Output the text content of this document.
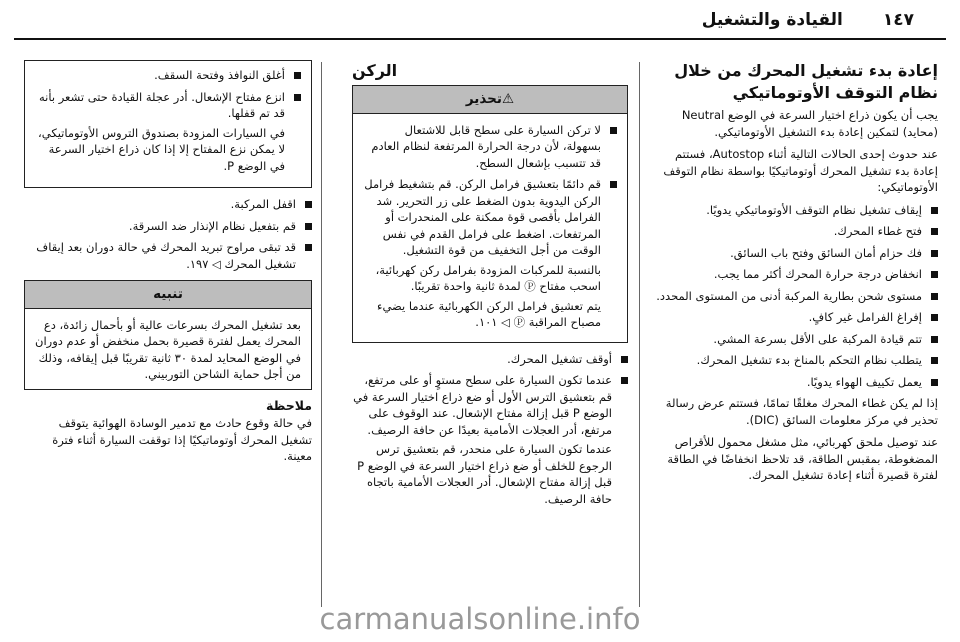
١٤٧القيادة والتشغيل
إعادة بدء تشغيل المحرك من خلال نظام التوقف الأوتوماتيكي
يجب أن يكون ذراع اختيار السرعة في الوضع Neutral (محايد) لتمكين إعادة بدء التشغيل الأوتوماتيكي.
عند حدوث إحدى الحالات التالية أثناء Autostop، فستتم إعادة بدء تشغيل المحرك أوتوماتيكيًا بواسطة نظام التوقف الأوتوماتيكي:
إيقاف تشغيل نظام التوقف الأوتوماتيكي يدويًا.
فتح غطاء المحرك.
فك حزام أمان السائق وفتح باب السائق.
انخفاض درجة حرارة المحرك أكثر مما يجب.
مستوى شحن بطارية المركبة أدنى من المستوى المحدد.
إفراغ الفرامل غير كافٍ.
تتم قيادة المركبة على الأقل بسرعة المشي.
يتطلب نظام التحكم بالمناخ بدء تشغيل المحرك.
يعمل تكييف الهواء يدويًا.
إذا لم يكن غطاء المحرك مغلقًا تمامًا، فستتم عرض رسالة تحذير في مركز معلومات السائق (DIC).
عند توصيل ملحق كهربائي، مثل مشغل محمول للأقراص المضغوطة، بمقبس الطاقة، قد تلاحظ انخفاضًا في الطاقة لفترة قصيرة أثناء إعادة تشغيل المحرك.
الركن
⚠تحذير
لا تركن السيارة على سطح قابل للاشتعال بسهولة، لأن درجة الحرارة المرتفعة لنظام العادم قد تتسبب بإشعال السطح.
قم دائمًا بتعشيق فرامل الركن. قم بتشغيط فرامل الركن اليدوية بدون الضغط على زر التحرير. شد الفرامل بأقصى قوة ممكنة على المنحدرات أو المرتفعات. اضغط على فرامل القدم في نفس الوقت من أجل التخفيف من قوة التشغيل.

بالنسبة للمركبات المزودة بفرامل ركن كهربائية، اسحب مفتاح Ⓟ لمدة ثانية واحدة تقريبًا.

يتم تعشيق فرامل الركن الكهربائية عندما يضيء مصباح المراقبة Ⓟ ◁ ١٠١.

أوقف تشغيل المحرك.
عندما تكون السيارة على سطح مستوٍ أو على مرتفع، قم بتعشيق الترس الأول أو ضع ذراع اختيار السرعة في الوضع P قبل إزالة مفتاح الإشعال. عند الوقوف على مرتفع، أدر العجلات الأمامية بعيدًا عن حافة الرصيف.

عندما تكون السيارة على منحدر، قم بتعشيق ترس الرجوع للخلف أو ضع ذراع اختيار السرعة في الوضع P قبل إزالة مفتاح الإشعال. أدر العجلات الأمامية باتجاه حافة الرصيف.

أغلق النوافذ وفتحة السقف.
انزع مفتاح الإشعال. أدر عجلة القيادة حتى تشعر بأنه قد تم قفلها.

في السيارات المزودة بصندوق التروس الأوتوماتيكي، لا يمكن نزع المفتاح إلا إذا كان ذراع اختيار السرعة في الوضع P.

اقفل المركبة.
قم بتفعيل نظام الإنذار ضد السرقة.
قد تبقى مراوح تبريد المحرك في حالة دوران بعد إيقاف تشغيل المحرك ◁ ١٩٧.
تنبيه
بعد تشغيل المحرك بسرعات عالية أو بأحمال زائدة، دع المحرك يعمل لفترة قصيرة بحمل منخفض أو عدم دوران في الوضع المحايد لمدة ٣٠ ثانية تقريبًا قبل إيقافه، وذلك من أجل حماية الشاحن التوربيني.
ملاحظة
في حالة وقوع حادث مع تدمير الوسادة الهوائية يتوقف تشغيل المحرك أوتوماتيكيًا إذا توقفت السيارة أثناء فترة معينة.
carmanualsonline.info
